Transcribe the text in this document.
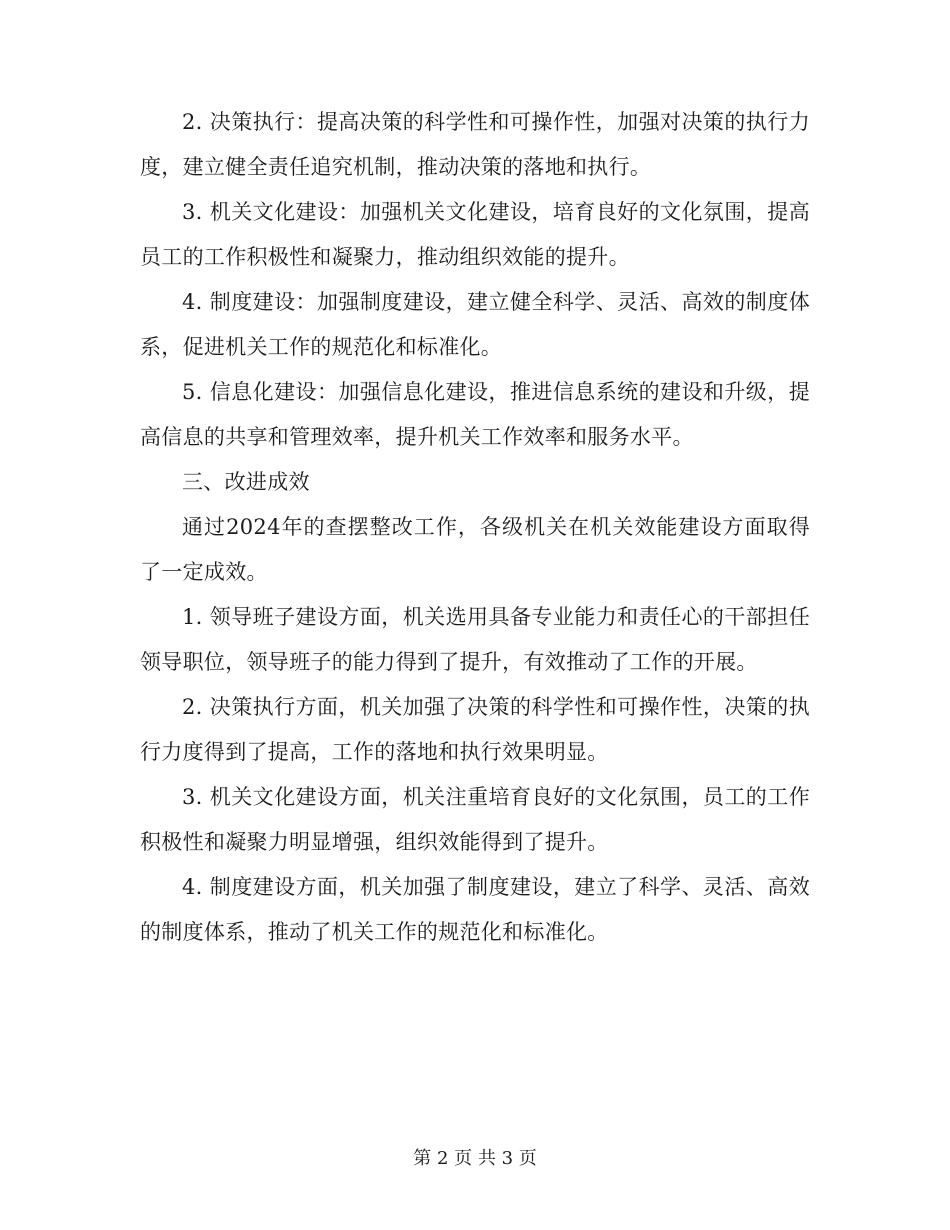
2. 决策执行：提高决策的科学性和可操作性，加强对决策的执行力度，建立健全责任追究机制，推动决策的落地和执行。

3. 机关文化建设：加强机关文化建设，培育良好的文化氛围，提高员工的工作积极性和凝聚力，推动组织效能的提升。

4. 制度建设：加强制度建设，建立健全科学、灵活、高效的制度体系，促进机关工作的规范化和标准化。

5. 信息化建设：加强信息化建设，推进信息系统的建设和升级，提高信息的共享和管理效率，提升机关工作效率和服务水平。

三、改进成效

通过2024年的查摆整改工作，各级机关在机关效能建设方面取得了一定成效。

1. 领导班子建设方面，机关选用具备专业能力和责任心的干部担任领导职位，领导班子的能力得到了提升，有效推动了工作的开展。

2. 决策执行方面，机关加强了决策的科学性和可操作性，决策的执行力度得到了提高，工作的落地和执行效果明显。

3. 机关文化建设方面，机关注重培育良好的文化氛围，员工的工作积极性和凝聚力明显增强，组织效能得到了提升。

4. 制度建设方面，机关加强了制度建设，建立了科学、灵活、高效的制度体系，推动了机关工作的规范化和标准化。

第 2 页 共 3 页
